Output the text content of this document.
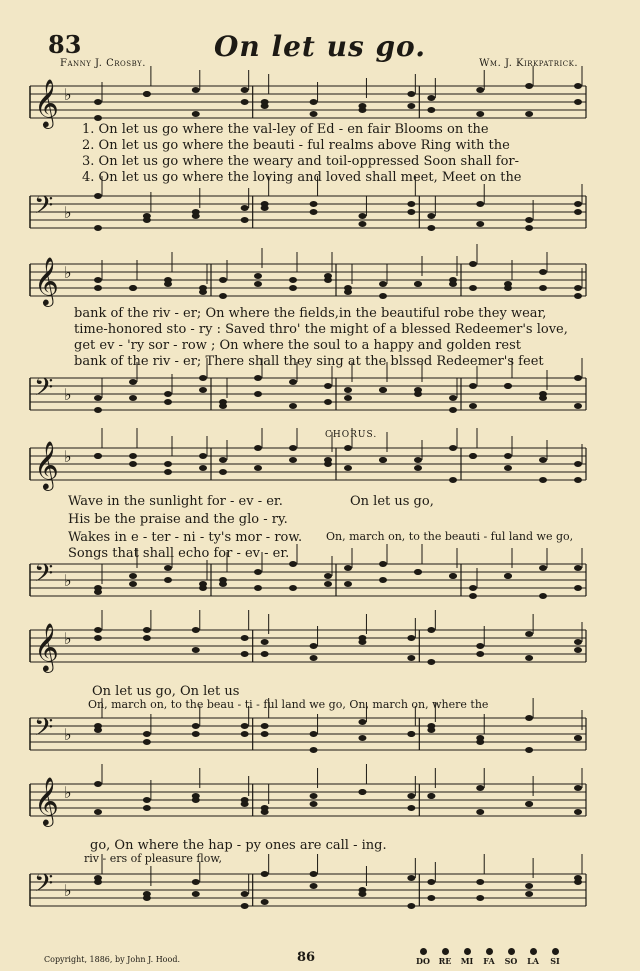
83	On let us go.
Fanny J. Crosby.	Wm. J. Kirkpatrick.
𝄞 ♭
𝄢 ♭
𝄞 ♭
𝄢 ♭
𝄞 ♭
𝄢 ♭
𝄞 ♭
𝄢 ♭
𝄞 ♭
𝄢 ♭
1. On let us go where the val-ley of Ed - en fair Blooms on the
2. On let us go where the beauti - ful realms above Ring with the
3. On let us go where the weary and toil-oppressed Soon shall for-
4. On let us go where the loving and loved shall meet, Meet on the
bank of the riv - er; On where the fields,in the beautiful robe they wear,
time-honored sto - ry : Saved thro' the might of a blessed Redeemer's love,
get ev - 'ry sor - row ; On where the soul to a happy and golden rest
bank of the riv - er; There shall they sing at the blssed Redeemer's feet
CHORUS.
Wave in the sunlight for - ev - er.
His be the praise and the glo - ry.
Wakes in e - ter - ni - ty's mor - row.
Songs that shall echo for - ev - er.
On let us go,
On, march on, to the beauti - ful land we go,
On let us go, On let us
On, march on, to the beau - ti - ful land we go, On, march on, where the
go, On where the hap - py ones are call - ing.
riv - ers of pleasure flow,
Copyright, 1886, by John J. Hood.	86	DO RE MI FA SO LA SI
